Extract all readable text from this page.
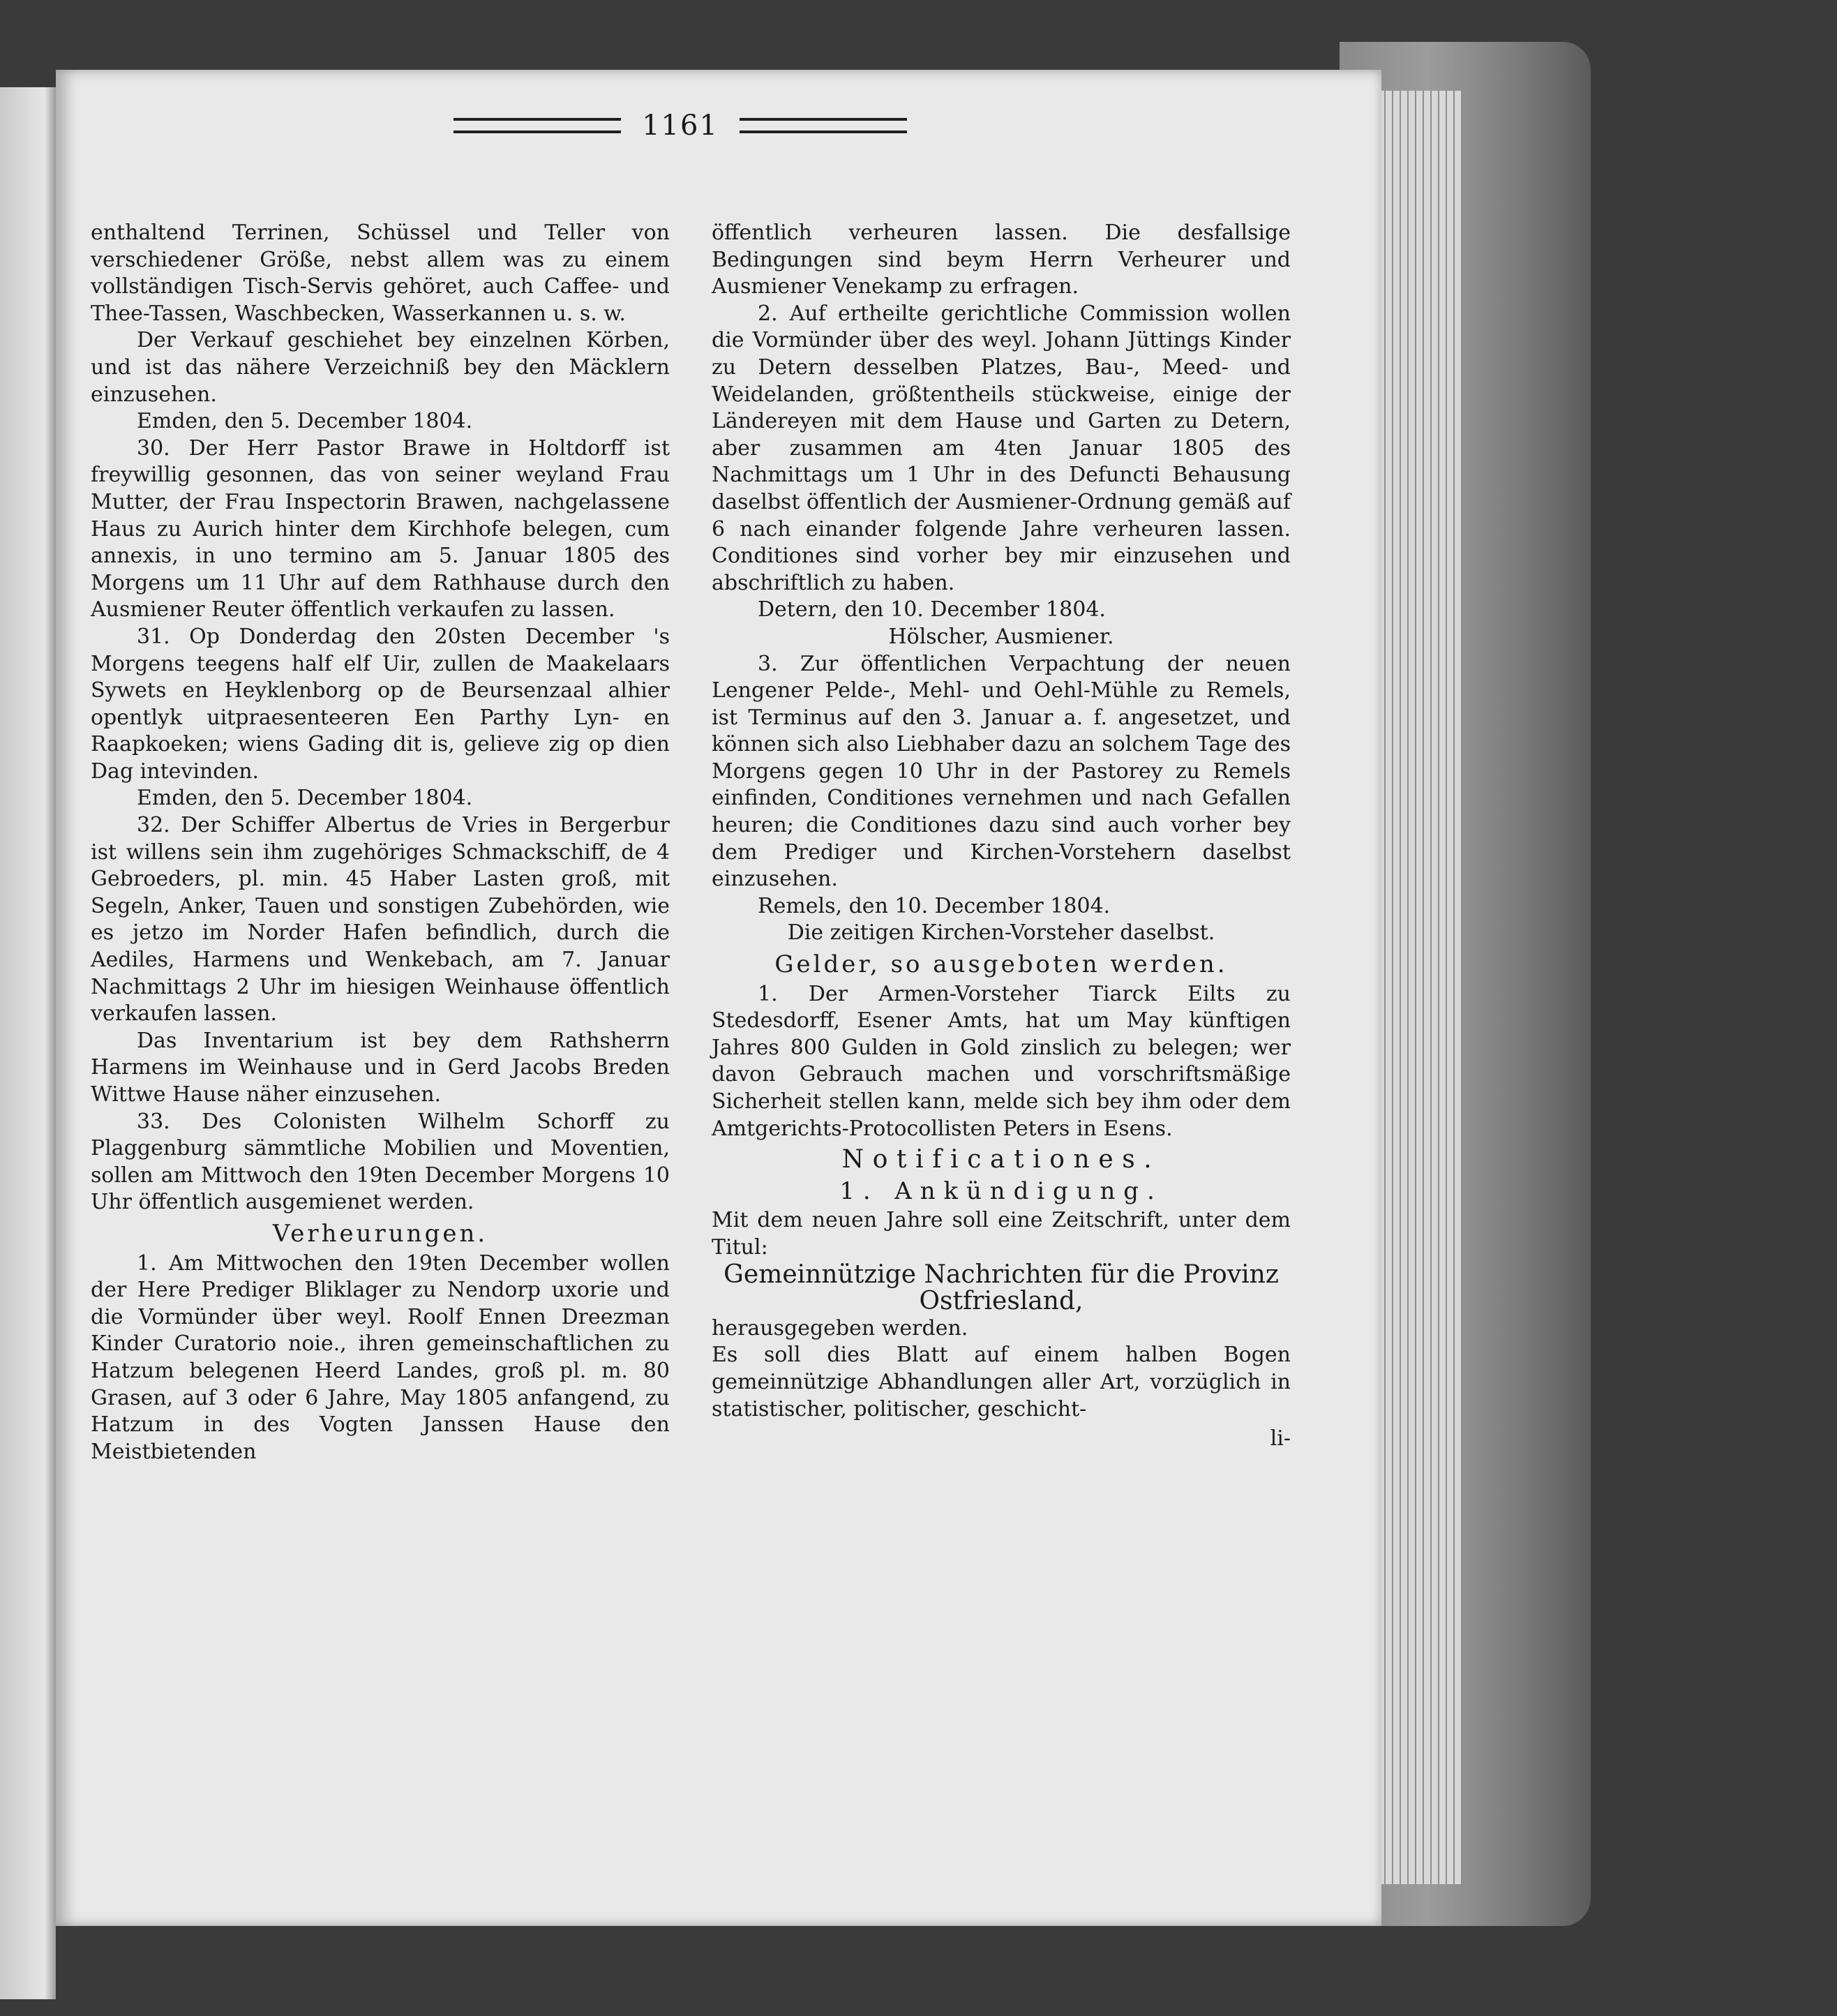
1161

enthaltend Terrinen, Schüssel und Teller von verschiedener Größe, nebst allem was zu einem vollständigen Tisch-Servis gehöret, auch Caffee- und Thee-Tassen, Waschbecken, Wasserkannen u. s. w.

Der Verkauf geschiehet bey einzelnen Körben, und ist das nähere Verzeichniß bey den Mäcklern einzusehen.

Emden, den 5. December 1804.

30. Der Herr Pastor Brawe in Holtdorff ist freywillig gesonnen, das von seiner weyland Frau Mutter, der Frau Inspectorin Brawen, nachgelassene Haus zu Aurich hinter dem Kirchhofe belegen, cum annexis, in uno termino am 5. Januar 1805 des Morgens um 11 Uhr auf dem Rathhause durch den Ausmiener Reuter öffentlich verkaufen zu lassen.

31. Op Donderdag den 20sten December 's Morgens teegens half elf Uir, zullen de Maakelaars Sywets en Heyklenborg op de Beursenzaal alhier opentlyk uitpraesenteeren Een Parthy Lyn- en Raapkoeken; wiens Gading dit is, gelieve zig op dien Dag intevinden.

Emden, den 5. December 1804.

32. Der Schiffer Albertus de Vries in Bergerbur ist willens sein ihm zugehöriges Schmackschiff, de 4 Gebroeders, pl. min. 45 Haber Lasten groß, mit Segeln, Anker, Tauen und sonstigen Zubehörden, wie es jetzo im Norder Hafen befindlich, durch die Aediles, Harmens und Wenkebach, am 7. Januar Nachmittags 2 Uhr im hiesigen Weinhause öffentlich verkaufen lassen.

Das Inventarium ist bey dem Rathsherrn Harmens im Weinhause und in Gerd Jacobs Breden Wittwe Hause näher einzusehen.

33. Des Colonisten Wilhelm Schorff zu Plaggenburg sämmtliche Mobilien und Moventien, sollen am Mittwoch den 19ten December Morgens 10 Uhr öffentlich ausgemienet werden.

Verheurungen.

1. Am Mittwochen den 19ten December wollen der Here Prediger Bliklager zu Nendorp uxorie und die Vormünder über weyl. Roolf Ennen Dreezman Kinder Curatorio noie., ihren gemeinschaftlichen zu Hatzum belegenen Heerd Landes, groß pl. m. 80 Grasen, auf 3 oder 6 Jahre, May 1805 anfangend, zu Hatzum in des Vogten Janssen Hause den Meistbietenden

öffentlich verheuren lassen. Die desfallsige Bedingungen sind beym Herrn Verheurer und Ausmiener Venekamp zu erfragen.

2. Auf ertheilte gerichtliche Commission wollen die Vormünder über des weyl. Johann Jüttings Kinder zu Detern desselben Platzes, Bau-, Meed- und Weidelanden, größtentheils stückweise, einige der Ländereyen mit dem Hause und Garten zu Detern, aber zusammen am 4ten Januar 1805 des Nachmittags um 1 Uhr in des Defuncti Behausung daselbst öffentlich der Ausmiener-Ordnung gemäß auf 6 nach einander folgende Jahre verheuren lassen. Conditiones sind vorher bey mir einzusehen und abschriftlich zu haben.

Detern, den 10. December 1804.

Hölscher, Ausmiener.

3. Zur öffentlichen Verpachtung der neuen Lengener Pelde-, Mehl- und Oehl-Mühle zu Remels, ist Terminus auf den 3. Januar a. f. angesetzet, und können sich also Liebhaber dazu an solchem Tage des Morgens gegen 10 Uhr in der Pastorey zu Remels einfinden, Conditiones vernehmen und nach Gefallen heuren; die Conditiones dazu sind auch vorher bey dem Prediger und Kirchen-Vorstehern daselbst einzusehen.

Remels, den 10. December 1804.

Die zeitigen Kirchen-Vorsteher daselbst.

Gelder, so ausgeboten werden.

1. Der Armen-Vorsteher Tiarck Eilts zu Stedesdorff, Esener Amts, hat um May künftigen Jahres 800 Gulden in Gold zinslich zu belegen; wer davon Gebrauch machen und vorschriftsmäßige Sicherheit stellen kann, melde sich bey ihm oder dem Amtgerichts-Protocollisten Peters in Esens.

Notificationes.

1. Ankündigung.

Mit dem neuen Jahre soll eine Zeitschrift, unter dem Titul:

Gemeinnützige Nachrichten für die Provinz Ostfriesland,

herausgegeben werden.

Es soll dies Blatt auf einem halben Bogen gemeinnützige Abhandlungen aller Art, vorzüglich in statistischer, politischer, geschicht-

li-
